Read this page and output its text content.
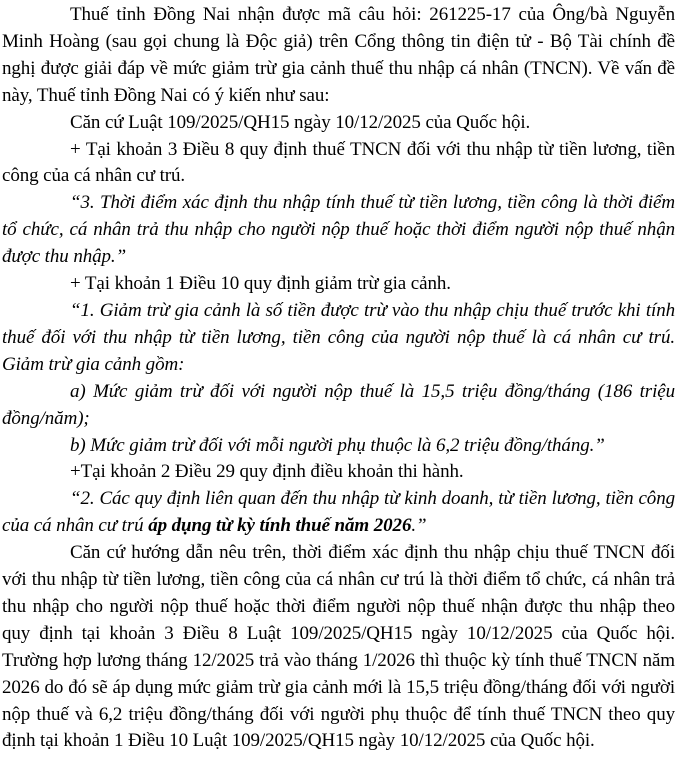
Thuế tỉnh Đồng Nai nhận được mã câu hỏi: 261225-17 của Ông/bà Nguyễn Minh Hoàng (sau gọi chung là Độc giả) trên Cổng thông tin điện tử - Bộ Tài chính đề nghị được giải đáp về mức giảm trừ gia cảnh thuế thu nhập cá nhân (TNCN). Về vấn đề này, Thuế tỉnh Đồng Nai có ý kiến như sau:

Căn cứ Luật 109/2025/QH15 ngày 10/12/2025 của Quốc hội.

+ Tại khoản 3 Điều 8 quy định thuế TNCN đối với thu nhập từ tiền lương, tiền công của cá nhân cư trú.

“3. Thời điểm xác định thu nhập tính thuế từ tiền lương, tiền công là thời điểm tổ chức, cá nhân trả thu nhập cho người nộp thuế hoặc thời điểm người nộp thuế nhận được thu nhập.”

+ Tại khoản 1 Điều 10 quy định giảm trừ gia cảnh.

“1. Giảm trừ gia cảnh là số tiền được trừ vào thu nhập chịu thuế trước khi tính thuế đối với thu nhập từ tiền lương, tiền công của người nộp thuế là cá nhân cư trú. Giảm trừ gia cảnh gồm:

a) Mức giảm trừ đối với người nộp thuế là 15,5 triệu đồng/tháng (186 triệu đồng/năm);

b) Mức giảm trừ đối với mỗi người phụ thuộc là 6,2 triệu đồng/tháng.”

+Tại khoản 2 Điều 29 quy định điều khoản thi hành.

“2. Các quy định liên quan đến thu nhập từ kinh doanh, từ tiền lương, tiền công của cá nhân cư trú áp dụng từ kỳ tính thuế năm 2026.”

Căn cứ hướng dẫn nêu trên, thời điểm xác định thu nhập chịu thuế TNCN đối với thu nhập từ tiền lương, tiền công của cá nhân cư trú là thời điểm tổ chức, cá nhân trả thu nhập cho người nộp thuế hoặc thời điểm người nộp thuế nhận được thu nhập theo quy định tại khoản 3 Điều 8 Luật 109/2025/QH15 ngày 10/12/2025 của Quốc hội. Trường hợp lương tháng 12/2025 trả vào tháng 1/2026 thì thuộc kỳ tính thuế TNCN năm 2026 do đó sẽ áp dụng mức giảm trừ gia cảnh mới là 15,5 triệu đồng/tháng đối với người nộp thuế và 6,2 triệu đồng/tháng đối với người phụ thuộc để tính thuế TNCN theo quy định tại khoản 1 Điều 10 Luật 109/2025/QH15 ngày 10/12/2025 của Quốc hội.
